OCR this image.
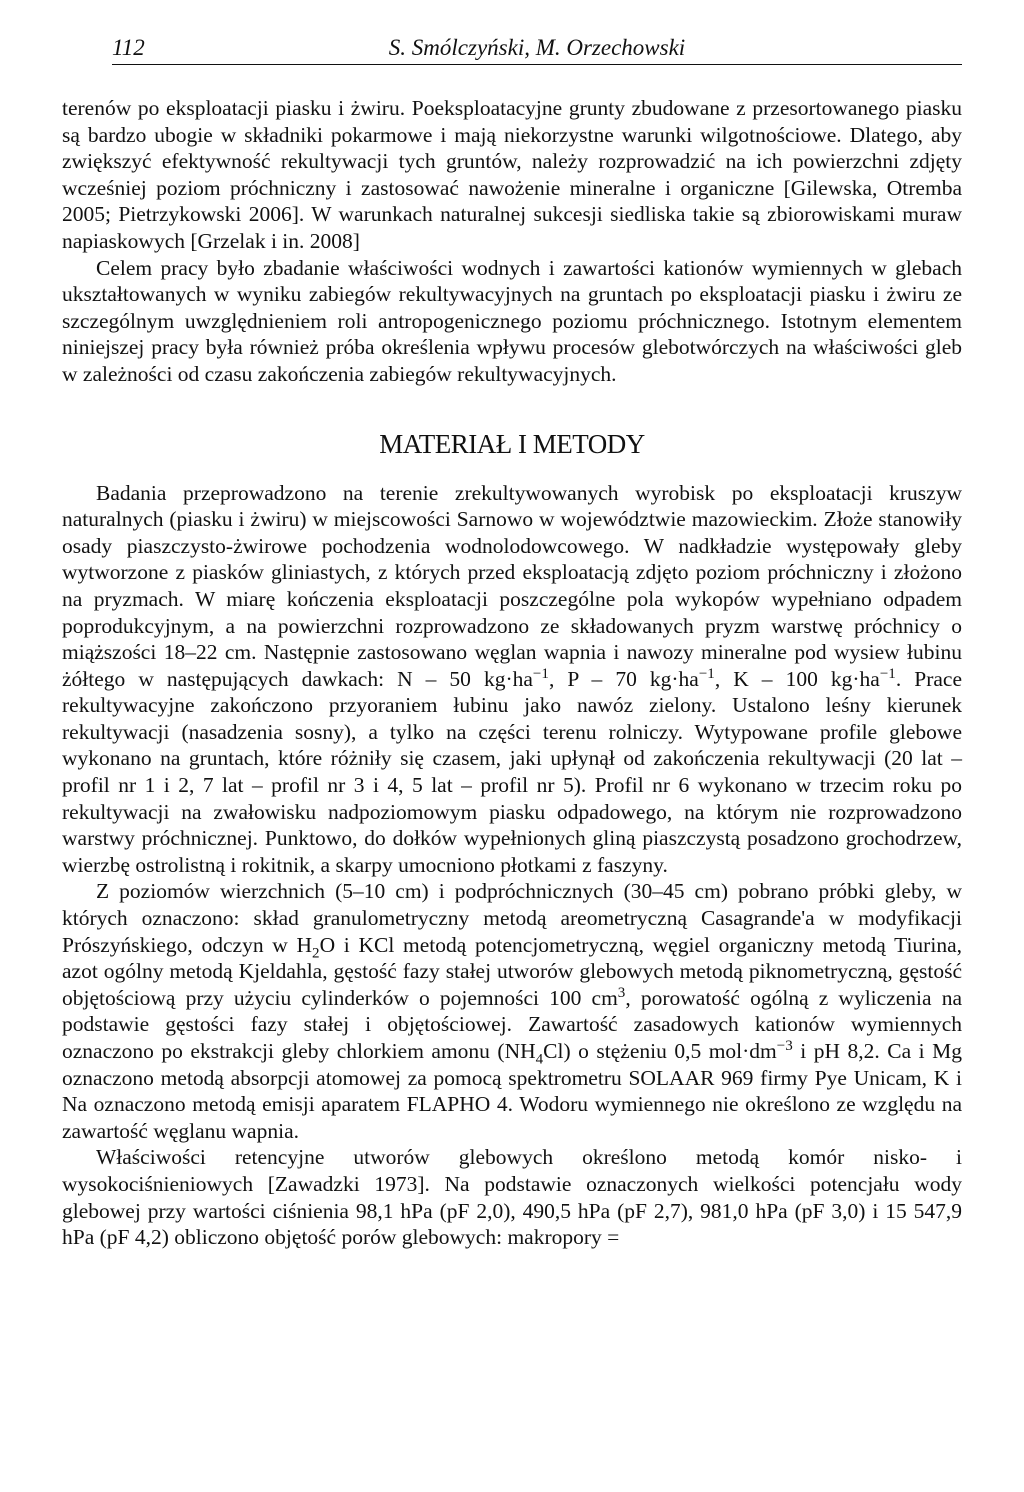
112	S. Smólczyński, M. Orzechowski

terenów po eksploatacji piasku i żwiru. Poeksploatacyjne grunty zbudowane z przesortowanego piasku są bardzo ubogie w składniki pokarmowe i mają niekorzystne warunki wilgotnościowe. Dlatego, aby zwiększyć efektywność rekultywacji tych gruntów, należy rozprowadzić na ich powierzchni zdjęty wcześniej poziom próchniczny i zastosować nawożenie mineralne i organiczne [Gilewska, Otremba 2005; Pietrzykowski 2006]. W warunkach naturalnej sukcesji siedliska takie są zbiorowiskami muraw napiaskowych [Grzelak i in. 2008]

Celem pracy było zbadanie właściwości wodnych i zawartości kationów wymiennych w glebach ukształtowanych w wyniku zabiegów rekultywacyjnych na gruntach po eksploatacji piasku i żwiru ze szczególnym uwzględnieniem roli antropogenicznego poziomu próchnicznego. Istotnym elementem niniejszej pracy była również próba określenia wpływu procesów glebotwórczych na właściwości gleb w zależności od czasu zakończenia zabiegów rekultywacyjnych.

MATERIAŁ I METODY

Badania przeprowadzono na terenie zrekultywowanych wyrobisk po eksploatacji kruszyw naturalnych (piasku i żwiru) w miejscowości Sarnowo w województwie mazowieckim. Złoże stanowiły osady piaszczysto-żwirowe pochodzenia wodnolodowcowego. W nadkładzie występowały gleby wytworzone z piasków gliniastych, z których przed eksploatacją zdjęto poziom próchniczny i złożono na pryzmach. W miarę kończenia eksploatacji poszczególne pola wykopów wypełniano odpadem poprodukcyjnym, a na powierzchni rozprowadzono ze składowanych pryzm warstwę próchnicy o miąższości 18–22 cm. Następnie zastosowano węglan wapnia i nawozy mineralne pod wysiew łubinu żółtego w następujących dawkach: N – 50 $kg\cdot ha^{-1}$, P – 70 $kg\cdot ha^{-1}$, K – 100 $kg\cdot ha^{-1}$. Prace rekultywacyjne zakończono przyoraniem łubinu jako nawóz zielony. Ustalono leśny kierunek rekultywacji (nasadzenia sosny), a tylko na części terenu rolniczy. Wytypowane profile glebowe wykonano na gruntach, które różniły się czasem, jaki upłynął od zakończenia rekultywacji (20 lat – profil nr 1 i 2, 7 lat – profil nr 3 i 4, 5 lat – profil nr 5). Profil nr 6 wykonano w trzecim roku po rekultywacji na zwałowisku nadpoziomowym piasku odpadowego, na którym nie rozprowadzono warstwy próchnicznej. Punktowo, do dołków wypełnionych gliną piaszczystą posadzono grochodrzew, wierzbę ostrolistną i rokitnik, a skarpy umocniono płotkami z faszyny.

Z poziomów wierzchnich (5–10 cm) i podpróchnicznych (30–45 cm) pobrano próbki gleby, w których oznaczono: skład granulometryczny metodą areometryczną Casagrande'a w modyfikacji Prószyńskiego, odczyn w $H_2O$ i KCl metodą potencjometryczną, węgiel organiczny metodą Tiurina, azot ogólny metodą Kjeldahla, gęstość fazy stałej utworów glebowych metodą piknometryczną, gęstość objętościową przy użyciu cylinderków o pojemności 100 $cm^3$, porowatość ogólną z wyliczenia na podstawie gęstości fazy stałej i objętościowej. Zawartość zasadowych kationów wymiennych oznaczono po ekstrakcji gleby chlorkiem amonu $(NH_4Cl)$ o stężeniu 0,5 $mol\cdot dm^{-3}$ i pH 8,2. Ca i Mg oznaczono metodą absorpcji atomowej za pomocą spektrometru SOLAAR 969 firmy Pye Unicam, K i Na oznaczono metodą emisji aparatem FLAPHO 4. Wodoru wymiennego nie określono ze względu na zawartość węglanu wapnia.

Właściwości retencyjne utworów glebowych określono metodą komór nisko- i wysokociśnieniowych [Zawadzki 1973]. Na podstawie oznaczonych wielkości potencjału wody glebowej przy wartości ciśnienia 98,1 hPa (pF 2,0), 490,5 hPa (pF 2,7), 981,0 hPa (pF 3,0) i 15 547,9 hPa (pF 4,2) obliczono objętość porów glebowych: makropory =
